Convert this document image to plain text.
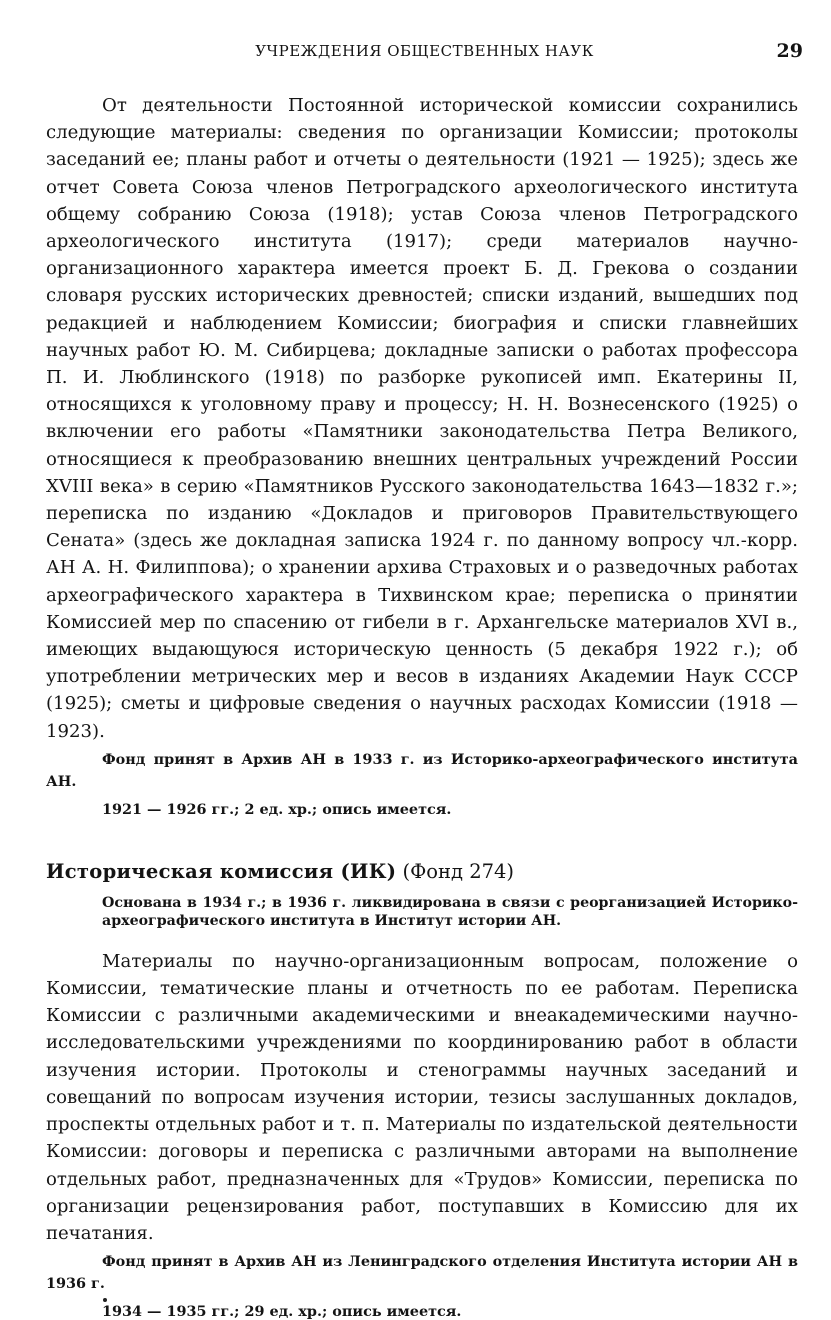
УЧРЕЖДЕНИЯ ОБЩЕСТВЕННЫХ НАУК	29

От деятельности Постоянной исторической комиссии сохранились следующие материалы: сведения по организации Комиссии; протоколы заседаний ее; планы работ и отчеты о деятельности (1921 — 1925); здесь же отчет Совета Союза членов Петроградского археологического института общему собранию Союза (1918); устав Союза членов Петроградского археологического института (1917); среди материалов научно-организационного характера имеется проект Б. Д. Грекова о создании словаря русских исторических древностей; списки изданий, вышедших под редакцией и наблюдением Комиссии; биография и списки главнейших научных работ Ю. М. Сибирцева; докладные записки о работах профессора П. И. Люблинского (1918) по разборке рукописей имп. Екатерины II, относящихся к уголовному праву и процессу; Н. Н. Вознесенского (1925) о включении его работы «Памятники законодательства Петра Великого, относящиеся к преобразованию внешних центральных учреждений России XVIII века» в серию «Памятников Русского законодательства 1643—1832 г.»; переписка по изданию «Докладов и приговоров Правительствующего Сената» (здесь же докладная записка 1924 г. по данному вопросу чл.-корр. АН А. Н. Филиппова); о хранении архива Страховых и о разведочных работах археографического характера в Тихвинском крае; переписка о принятии Комиссией мер по спасению от гибели в г. Архангельске материалов XVI в., имеющих выдающуюся историческую ценность (5 декабря 1922 г.); об употреблении метрических мер и весов в изданиях Академии Наук СССР (1925); сметы и цифровые сведения о научных расходах Комиссии (1918 — 1923).

Фонд принят в Архив АН в 1933 г. из Историко-археографического института АН.

1921 — 1926 гг.; 2 ед. хр.; опись имеется.
Историческая комиссия (ИК) (Фонд 274)
Основана в 1934 г.; в 1936 г. ликвидирована в связи с реорганизацией Историко-археографического института в Институт истории АН.

Материалы по научно-организационным вопросам, положение о Комиссии, тематические планы и отчетность по ее работам. Переписка Комиссии с различными академическими и внеакадемическими научно-исследовательскими учреждениями по координированию работ в области изучения истории. Протоколы и стенограммы научных заседаний и совещаний по вопросам изучения истории, тезисы заслушанных докладов, проспекты отдельных работ и т. п. Материалы по издательской деятельности Комиссии: договоры и переписка с различными авторами на выполнение отдельных работ, предназначенных для «Трудов» Комиссии, переписка по организации рецензирования работ, поступавших в Комиссию для их печатания.

Фонд принят в Архив АН из Ленинградского отделения Института истории АН в 1936 г.

1934 — 1935 гг.; 29 ед. хр.; опись имеется.
